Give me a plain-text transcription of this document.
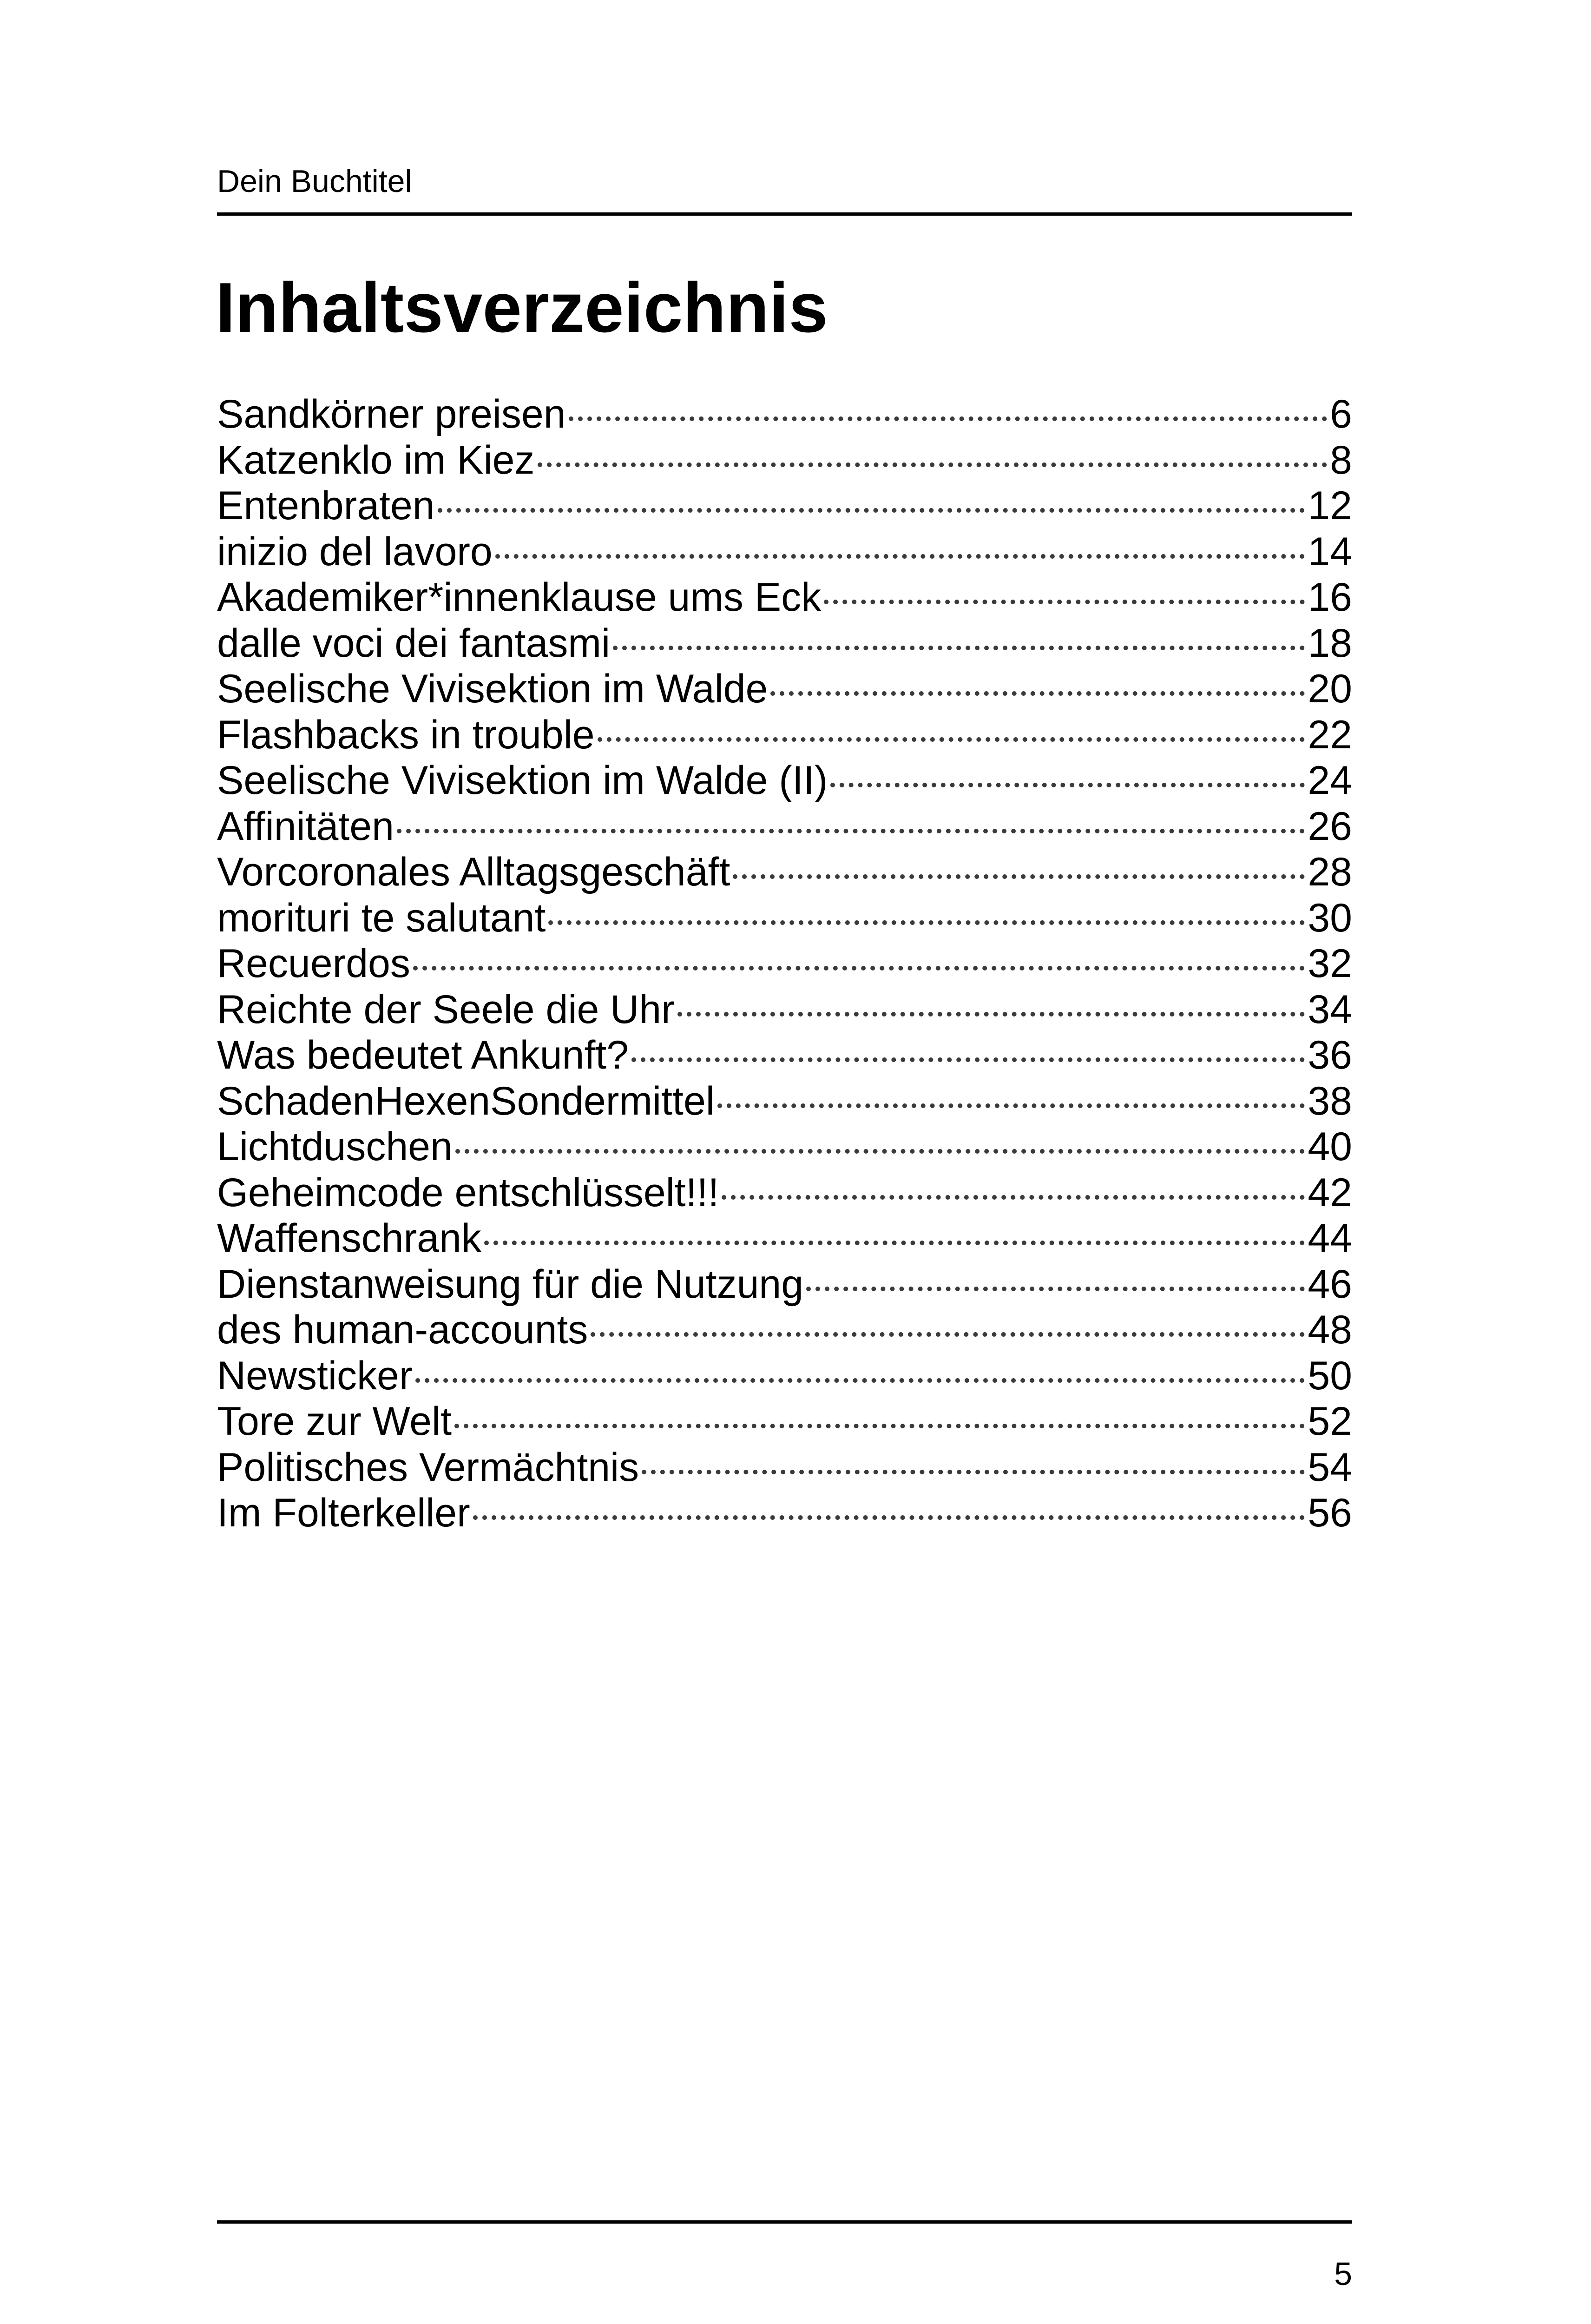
Dein Buchtitel
Inhaltsverzeichnis
Sandkörner preisen	6
Katzenklo im Kiez	8
Entenbraten	12
inizio del lavoro	14
Akademiker*innenklause ums Eck	16
dalle voci dei fantasmi	18
Seelische Vivisektion im Walde	20
Flashbacks in trouble	22
Seelische Vivisektion im Walde (II)	24
Affinitäten	26
Vorcoronales Alltagsgeschäft	28
morituri te salutant	30
Recuerdos	32
Reichte der Seele die Uhr	34
Was bedeutet Ankunft?	36
SchadenHexenSondermittel	38
Lichtduschen	40
Geheimcode entschlüsselt!!!	42
Waffenschrank	44
Dienstanweisung für die Nutzung	46
des human-accounts	48
Newsticker	50
Tore zur Welt	52
Politisches Vermächtnis	54
Im Folterkeller	56
5
